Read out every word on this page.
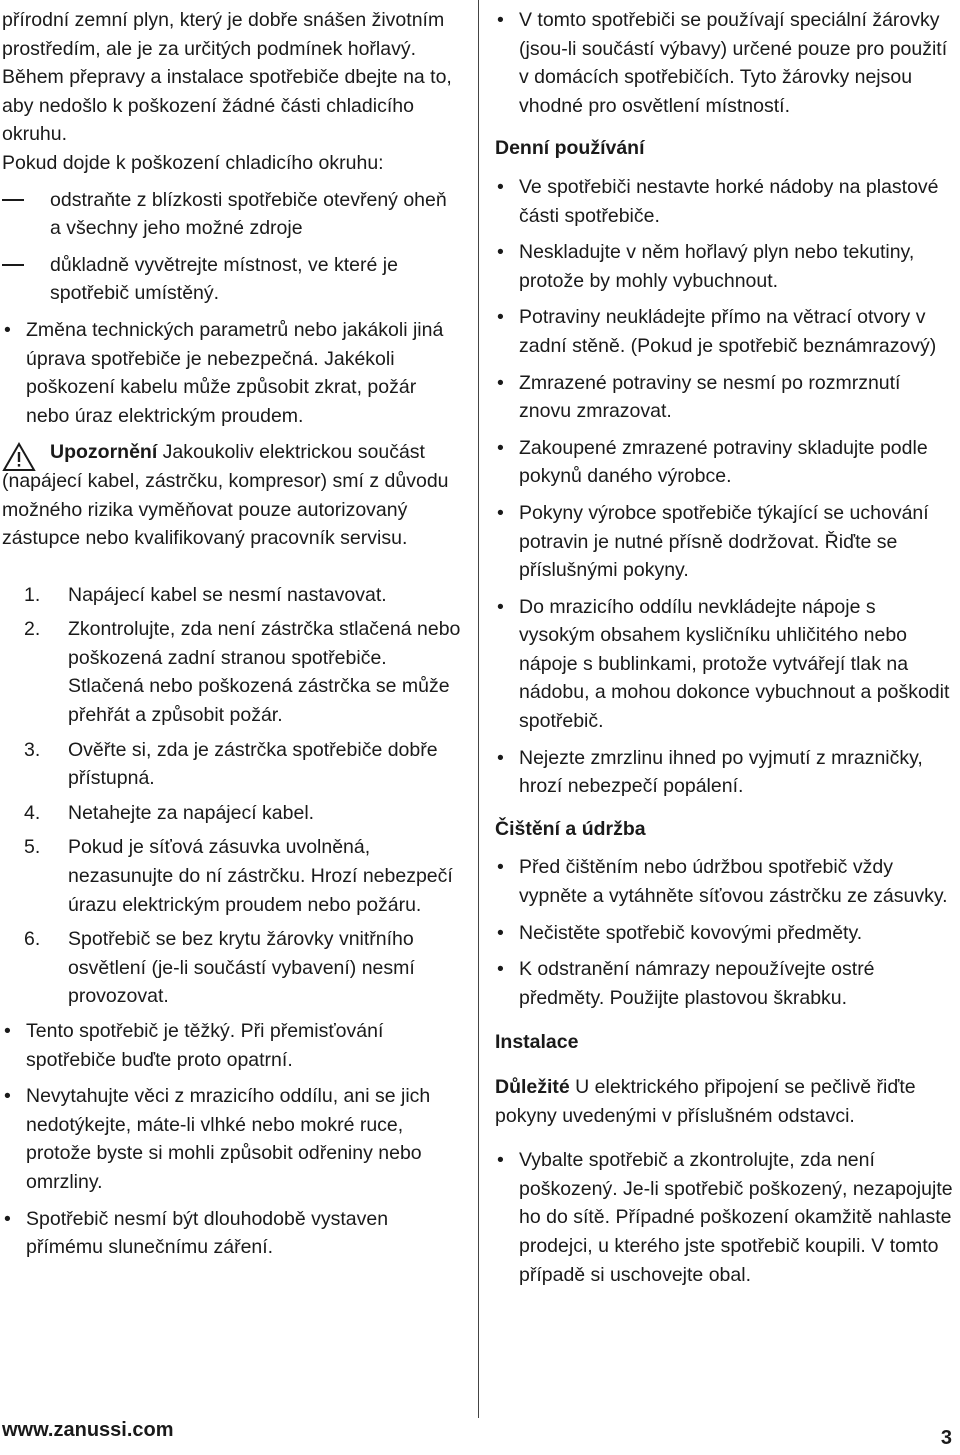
přírodní zemní plyn, který je dobře snášen životním prostředím, ale je za určitých podmínek hořlavý.

Během přepravy a instalace spotřebiče dbejte na to, aby nedošlo k poškození žádné části chladicího okruhu.

Pokud dojde k poškození chladicího okruhu:

odstraňte z blízkosti spotřebiče otevřený oheň a všechny jeho možné zdroje
důkladně vyvětrejte místnost, ve které je spotřebič umístěný.
• Změna technických parametrů nebo jakákoli jiná úprava spotřebiče je nebezpečná. Jakékoli poškození kabelu může způsobit zkrat, požár nebo úraz elektrickým proudem.
Upozornění Jakoukoliv elektrickou součást (napájecí kabel, zástrčku, kompresor) smí z důvodu možného rizika vyměňovat pouze autorizovaný zástupce nebo kvalifikovaný pracovník servisu.
1. Napájecí kabel se nesmí nastavovat.
2. Zkontrolujte, zda není zástrčka stlačená nebo poškozená zadní stranou spotřebiče. Stlačená nebo poškozená zástrčka se může přehřát a způsobit požár.
3. Ověřte si, zda je zástrčka spotřebiče dobře přístupná.
4. Netahejte za napájecí kabel.
5. Pokud je síťová zásuvka uvolněná, nezasunujte do ní zástrčku. Hrozí nebezpečí úrazu elektrickým proudem nebo požáru.
6. Spotřebič se bez krytu žárovky vnitřního osvětlení (je-li součástí vybavení) nesmí provozovat.
• Tento spotřebič je těžký. Při přemisťování spotřebiče buďte proto opatrní.
• Nevytahujte věci z mrazicího oddílu, ani se jich nedotýkejte, máte-li vlhké nebo mokré ruce, protože byste si mohli způsobit odřeniny nebo omrzliny.
• Spotřebič nesmí být dlouhodobě vystaven přímému slunečnímu záření.
• V tomto spotřebiči se používají speciální žárovky (jsou-li součástí výbavy) určené pouze pro použití v domácích spotřebičích. Tyto žárovky nejsou vhodné pro osvětlení místností.

Denní používání

• Ve spotřebiči nestavte horké nádoby na plastové části spotřebiče.
• Neskladujte v něm hořlavý plyn nebo tekutiny, protože by mohly vybuchnout.
• Potraviny neukládejte přímo na větrací otvory v zadní stěně. (Pokud je spotřebič beznámrazový)
• Zmrazené potraviny se nesmí po rozmrznutí znovu zmrazovat.
• Zakoupené zmrazené potraviny skladujte podle pokynů daného výrobce.
• Pokyny výrobce spotřebiče týkající se uchování potravin je nutné přísně dodržovat. Řiďte se příslušnými pokyny.
• Do mrazicího oddílu nevkládejte nápoje s vysokým obsahem kysličníku uhličitého nebo nápoje s bublinkami, protože vytvářejí tlak na nádobu, a mohou dokonce vybuchnout a poškodit spotřebič.
• Nejezte zmrzlinu ihned po vyjmutí z mrazničky, hrozí nebezpečí popálení.

Čištění a údržba

• Před čištěním nebo údržbou spotřebič vždy vypněte a vytáhněte síťovou zástrčku ze zásuvky.
• Nečistěte spotřebič kovovými předměty.
• K odstranění námrazy nepoužívejte ostré předměty. Použijte plastovou škrabku.

Instalace

Důležité U elektrického připojení se pečlivě řiďte pokyny uvedenými v příslušném odstavci.

• Vybalte spotřebič a zkontrolujte, zda není poškozený. Je-li spotřebič poškozený, nezapojujte ho do sítě. Případné poškození okamžitě nahlaste prodejci, u kterého jste spotřebič koupili. V tomto případě si uschovejte obal.
www.zanussi.com	3
